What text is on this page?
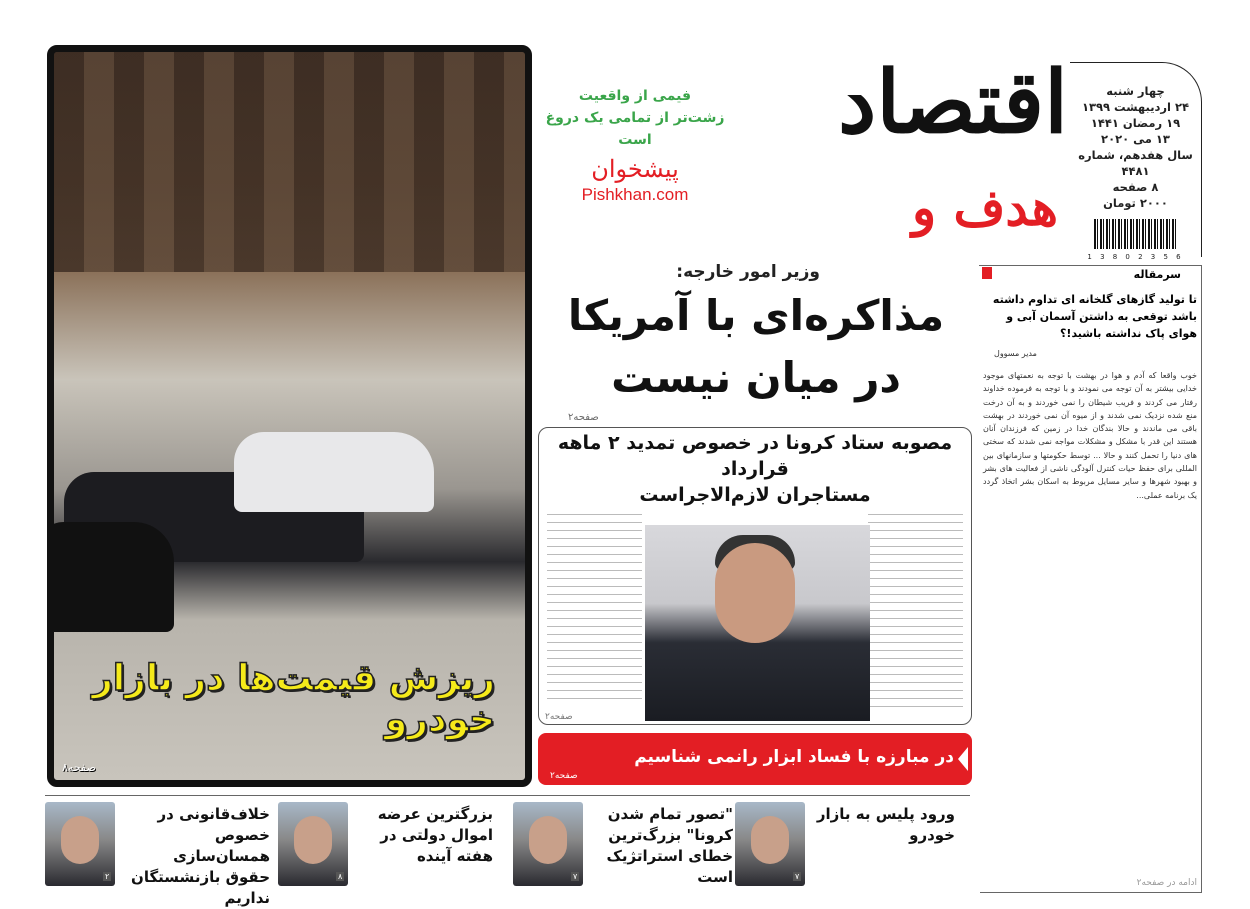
ریزش قیمت‌ها در بازار خودرو
صفحه۸
اقتصاد
هدف و
فیمی از واقعیت
زشت‌تر از تمامی یک دروغ است
پیشخوان
Pishkhan.com
چهار شنبه
۲۴ اردیبهشت ۱۳۹۹
۱۹ رمضان ۱۴۴۱
۱۳ می ۲۰۲۰
سال هفدهم، شماره ۴۴۸۱
۸ صفحه
۲۰۰۰ تومان
1 3 8 0 2 3 5 6
وزیر امور خارجه:
مذاکره‌ای با آمریکا
در میان نیست
صفحه۲
مصوبه ستاد کرونا در خصوص تمدید ۲ ماهه قرارداد
مستاجران لازم‌الاجراست
صفحه۲
در مبارزه با فساد ابزار رانمی شناسیم
صفحه۲
سرمقاله
تا تولید گازهای گلخانه ای تداوم داشته باشد توقعی به داشتن آسمان آبی و هوای پاک نداشته باشید!؟
مدیر مسوول
خوب واقعا که آدم و هوا در بهشت با توجه به نعمتهای موجود خدایی بیشتر به آن توجه می نمودند و با توجه به فرموده خداوند رفتار می کردند و فریب شیطان را نمی خوردند و به آن درخت منع شده نزدیک نمی شدند و از میوه آن نمی خوردند در بهشت باقی می ماندند و حالا بندگان خدا در زمین که فرزندان آنان هستند این قدر با مشکل و مشکلات مواجه نمی شدند که سختی های دنیا را تحمل کنند و حالا ... توسط حکومتها و سازمانهای بین المللی برای حفظ حیات کنترل آلودگی ناشی از فعالیت های بشر و بهبود شهرها و سایر مسایل مربوط به اسکان بشر اتخاذ گردد یک برنامه عملی...
ادامه در صفحه۲
ورود پلیس به بازار خودرو
۷
"تصور تمام شدن کرونا" بزرگ‌ترین خطای استراتژیک است
۷
بزرگترین عرضه اموال دولتی در هفته آینده
۸
خلاف‌قانونی در خصوص همسان‌سازی حقوق بازنشستگان نداریم
۲
